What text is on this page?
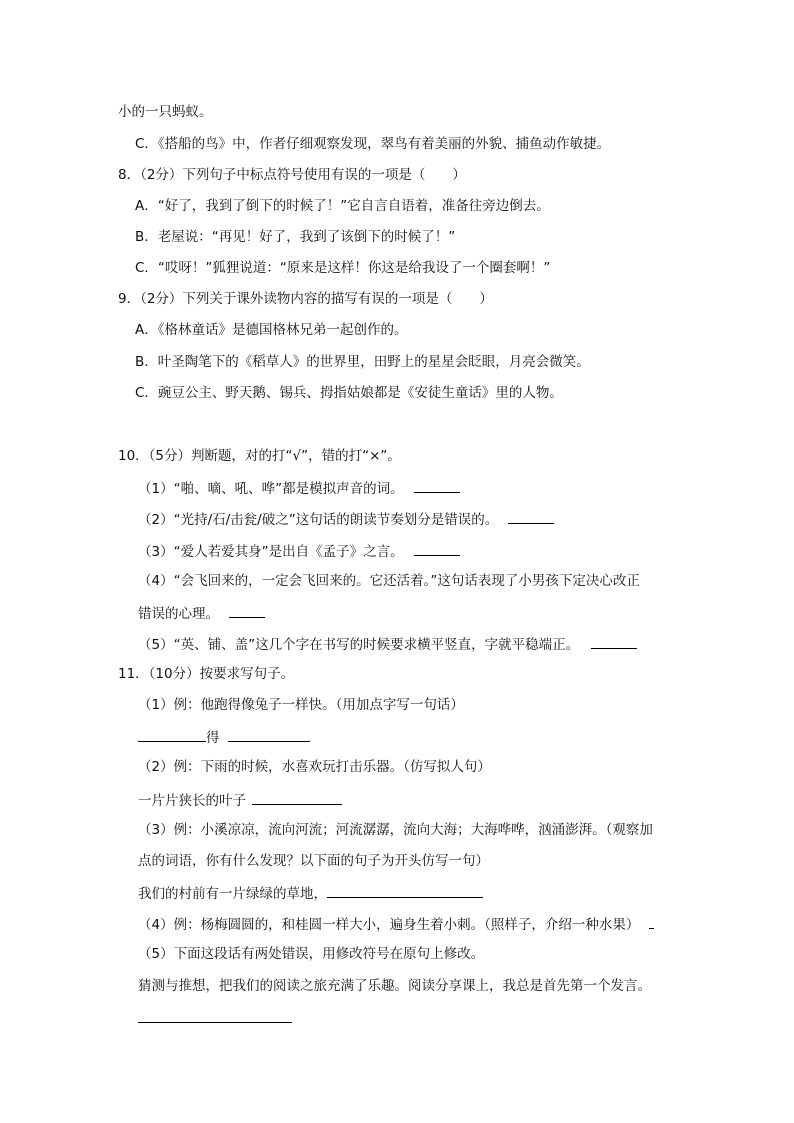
小的一只蚂蚁。
C．《搭船的鸟》中，作者仔细观察发现，翠鸟有着美丽的外貌、捕鱼动作敏捷。
8．（2分）下列句子中标点符号使用有误的一项是（　　）
A．“好了，我到了倒下的时候了！”它自言自语着，准备往旁边倒去。
B．老屋说：“再见！好了，我到了该倒下的时候了！”
C．“哎呀！”狐狸说道：“原来是这样！你这是给我设了一个圈套啊！”
9．（2分）下列关于课外读物内容的描写有误的一项是（　　）
A．《格林童话》是德国格林兄弟一起创作的。
B．叶圣陶笔下的《稻草人》的世界里，田野上的星星会眨眼，月亮会微笑。
C．豌豆公主、野天鹅、锡兵、拇指姑娘都是《安徒生童话》里的人物。
10．（5分）判断题，对的打“√”，错的打“×”。
（1）“啪、嘀、吼、哗”都是模拟声音的词。
（2）“光持/石/击瓮/破之”这句话的朗读节奏划分是错误的。
（3）“爱人若爱其身”是出自《孟子》之言。
（4）“会飞回来的，一定会飞回来的。它还活着。”这句话表现了小男孩下定决心改正
错误的心理。
（5）“英、铺、盖”这几个字在书写的时候要求横平竖直，字就平稳端正。
11．（10分）按要求写句子。
（1）例：他跑得像兔子一样快。（用加点字写一句话）
得
（2）例：下雨的时候，水喜欢玩打击乐器。（仿写拟人句）
一片片狭长的叶子
（3）例：小溪凉凉，流向河流；河流潺潺，流向大海；大海哗哗，汹涌澎湃。（观察加
点的词语，你有什么发现？以下面的句子为开头仿写一句）
我们的村前有一片绿绿的草地，
（4）例：杨梅圆圆的，和桂圆一样大小，遍身生着小刺。（照样子，介绍一种水果）
（5）下面这段话有两处错误，用修改符号在原句上修改。
猜测与推想，把我们的阅读之旅充满了乐趣。阅读分享课上，我总是首先第一个发言。
